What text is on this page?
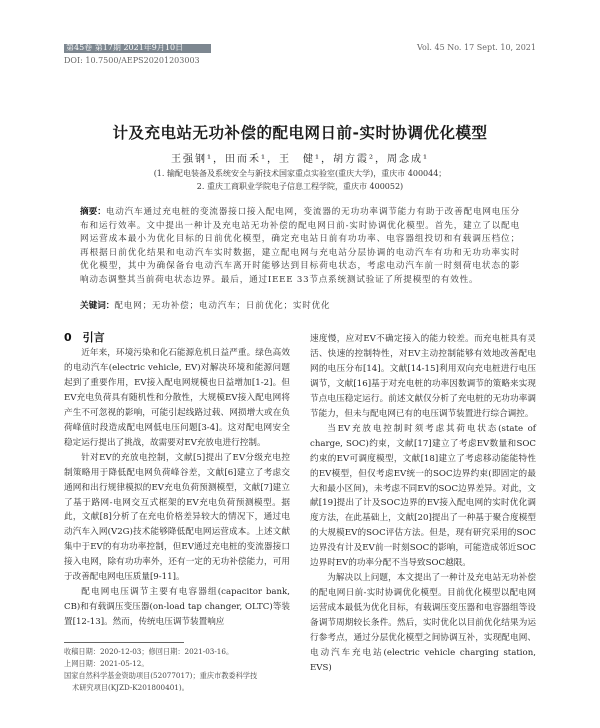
第45卷 第17期 2021年9月10日	Vol. 45 No. 17 Sept. 10, 2021
DOI: 10.7500/AEPS20201203003
计及充电站无功补偿的配电网日前-实时协调优化模型
王强钢¹，田而禾¹，王　健¹，胡方霞²，周念成¹
(1. 输配电装备及系统安全与新技术国家重点实验室(重庆大学)，重庆市 400044；
2. 重庆工商职业学院电子信息工程学院，重庆市 400052)
摘要：电动汽车通过充电桩的变流器接口接入配电网，变流器的无功功率调节能力有助于改善配电网电压分布和运行效率。文中提出一种计及充电站无功补偿的配电网日前-实时协调优化模型。首先，建立了以配电网运营成本最小为优化目标的日前优化模型，确定充电站日前有功功率、电容器组投切和有载调压档位；再根据日前优化结果和电动汽车实时数据，建立配电网与充电站分层协调的电动汽车有功和无功功率实时优化模型，其中为确保备台电动汽车离开时能够达到目标荷电状态，考虑电动汽车前一时刻荷电状态的影响动态调整其当前荷电状态边界。最后，通过IEEE 33节点系统测试验证了所提模型的有效性。
关键词：配电网；无功补偿；电动汽车；日前优化；实时优化
0　引言

近年来，环境污染和化石能源危机日益严重。绿色高效的电动汽车(electric vehicle, EV)对解决环境和能源问题起到了重要作用，EV接入配电网规模也日益增加[1-2]。但EV充电负荷具有随机性和分散性，大规模EV接入配电网将产生不可忽视的影响，可能引起线路过载、网损增大或在负荷峰值时段造成配电网低电压问题[3-4]。这对配电网安全稳定运行提出了挑战，故需要对EV充放电进行控制。

针对EV的充放电控制，文献[5]提出了EV分级充电控制策略用于降低配电网负荷峰谷差，文献[6]建立了考虑交通网和出行规律模拟的EV充电负荷预测模型，文献[7]建立了基于路网-电网交互式框架的EV充电负荷预测模型。据此，文献[8]分析了在充电价格差异较大的情况下，通过电动汽车入网(V2G)技术能够降低配电网运营成本。上述文献集中于EV的有功功率控制，但EV通过充电桩的变流器接口接入电网，除有功功率外，还有一定的无功补偿能力，可用于改善配电网电压质量[9-11]。

配电网电压调节主要有电容器组(capacitor bank, CB)和有载调压变压器(on-load tap changer, OLTC)等装置[12-13]。然而，传统电压调节装置响应

速度慢，应对EV不确定接入的能力较差。而充电桩具有灵活、快速的控制特性，对EV主动控制能够有效地改善配电网的电压分布[14]。文献[14-15]利用双向充电桩进行电压调节，文献[16]基于对充电桩的功率因数调节的策略来实现节点电压稳定运行。前述文献仅分析了充电桩的无功功率调节能力，但未与配电网已有的电压调节装置进行综合调控。

当EV充放电控制时须考虑其荷电状态(state of charge, SOC)约束，文献[17]建立了考虑EV数量和SOC约束的EV可调度模型，文献[18]建立了考虑移动能能特性的EV模型，但仅考虑EV统一的SOC边界约束(即固定的最大和最小区间)，未考虑不同EV的SOC边界差异。对此，文献[19]提出了计及SOC边界的EV接入配电网的实时优化调度方法，在此基础上，文献[20]提出了一种基于聚合度模型的大规模EV的SOC评估方法。但是，现有研究采用的SOC边界没有计及EV前一时刻SOC的影响，可能造成邻近SOC边界时EV的功率分配不当导致SOC越限。

为解决以上问题，本文提出了一种计及充电站无功补偿的配电网日前-实时协调优化模型。目前优化模型以配电网运营成本最低为优化目标，有载调压变压器和电容器组等设备调节周期较长条件。然后，实时优化以目前优化结果为运行参考点，通过分层优化模型之间协调互补，实现配电网、电动汽车充电站(electric vehicle charging station, EVS)

收稿日期：2020-12-03；修回日期：2021-03-16。
上网日期：2021-05-12。
国家自然科学基金资助项目(52077017)；重庆市教委科学技
术研究项目(KJZD-K201800401)。
